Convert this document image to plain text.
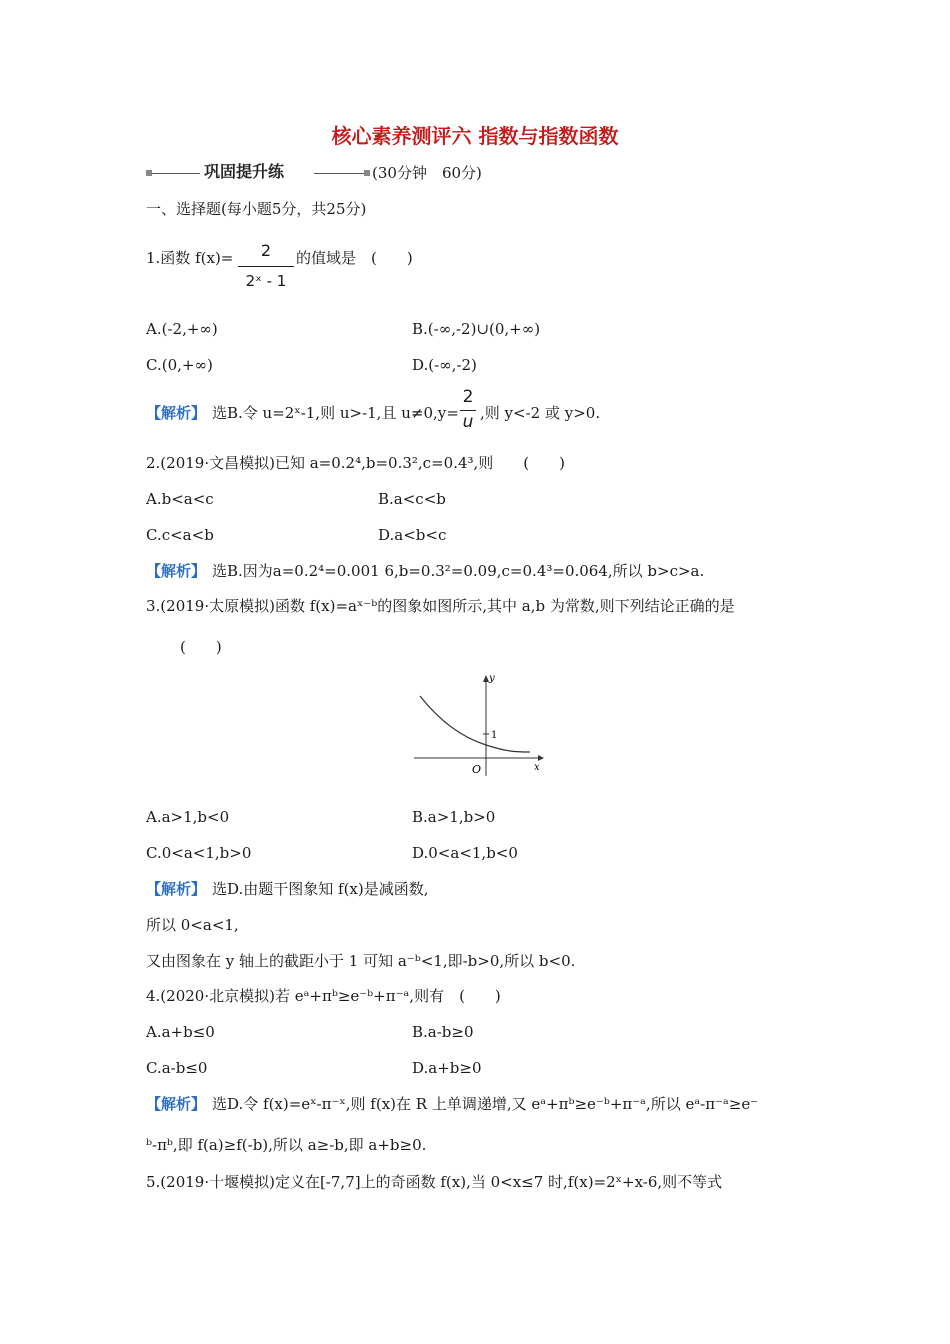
核心素养测评六 指数与指数函数
巩固提升练	(30分钟　60分)
一、选择题(每小题5分，共25分)
1.函数 f(x)=	2
2ˣ - 1
的值域是　(　　)
A.(-2,+∞)	B.(-∞,-2)∪(0,+∞)
C.(0,+∞)	D.(-∞,-2)
【解析】 选B.令 u=2ˣ-1,则 u>-1,且 u≠0,y=
2
u ,则 y<-2 或 y>0.
2.(2019·文昌模拟)已知 a=0.2⁴,b=0.3²,c=0.4³,则　　(　　)
A.b<a<c	B.a<c<b
C.c<a<b	D.a<b<c
【解析】 选B.因为a=0.2⁴=0.001 6,b=0.3²=0.09,c=0.4³=0.064,所以 b>c>a.
3.(2019·太原模拟)函数 f(x)=aˣ⁻ᵇ的图象如图所示,其中 a,b 为常数,则下列结论正确的是
(　　)
y
x
O
1
A.a>1,b<0	B.a>1,b>0
C.0<a<1,b>0	D.0<a<1,b<0
【解析】 选D.由题干图象知 f(x)是减函数,
所以 0<a<1,
又由图象在 y 轴上的截距小于 1 可知 a⁻ᵇ<1,即-b>0,所以 b<0.
4.(2020·北京模拟)若 eᵃ+πᵇ≥e⁻ᵇ+π⁻ᵃ,则有　(　　)
A.a+b≤0	B.a-b≥0
C.a-b≤0	D.a+b≥0
【解析】 选D.令 f(x)=eˣ-π⁻ˣ,则 f(x)在 R 上单调递增,又 eᵃ+πᵇ≥e⁻ᵇ+π⁻ᵃ,所以 eᵃ-π⁻ᵃ≥e⁻
ᵇ-πᵇ,即 f(a)≥f(-b),所以 a≥-b,即 a+b≥0.
5.(2019·十堰模拟)定义在[-7,7]上的奇函数 f(x),当 0<x≤7 时,f(x)=2ˣ+x-6,则不等式
